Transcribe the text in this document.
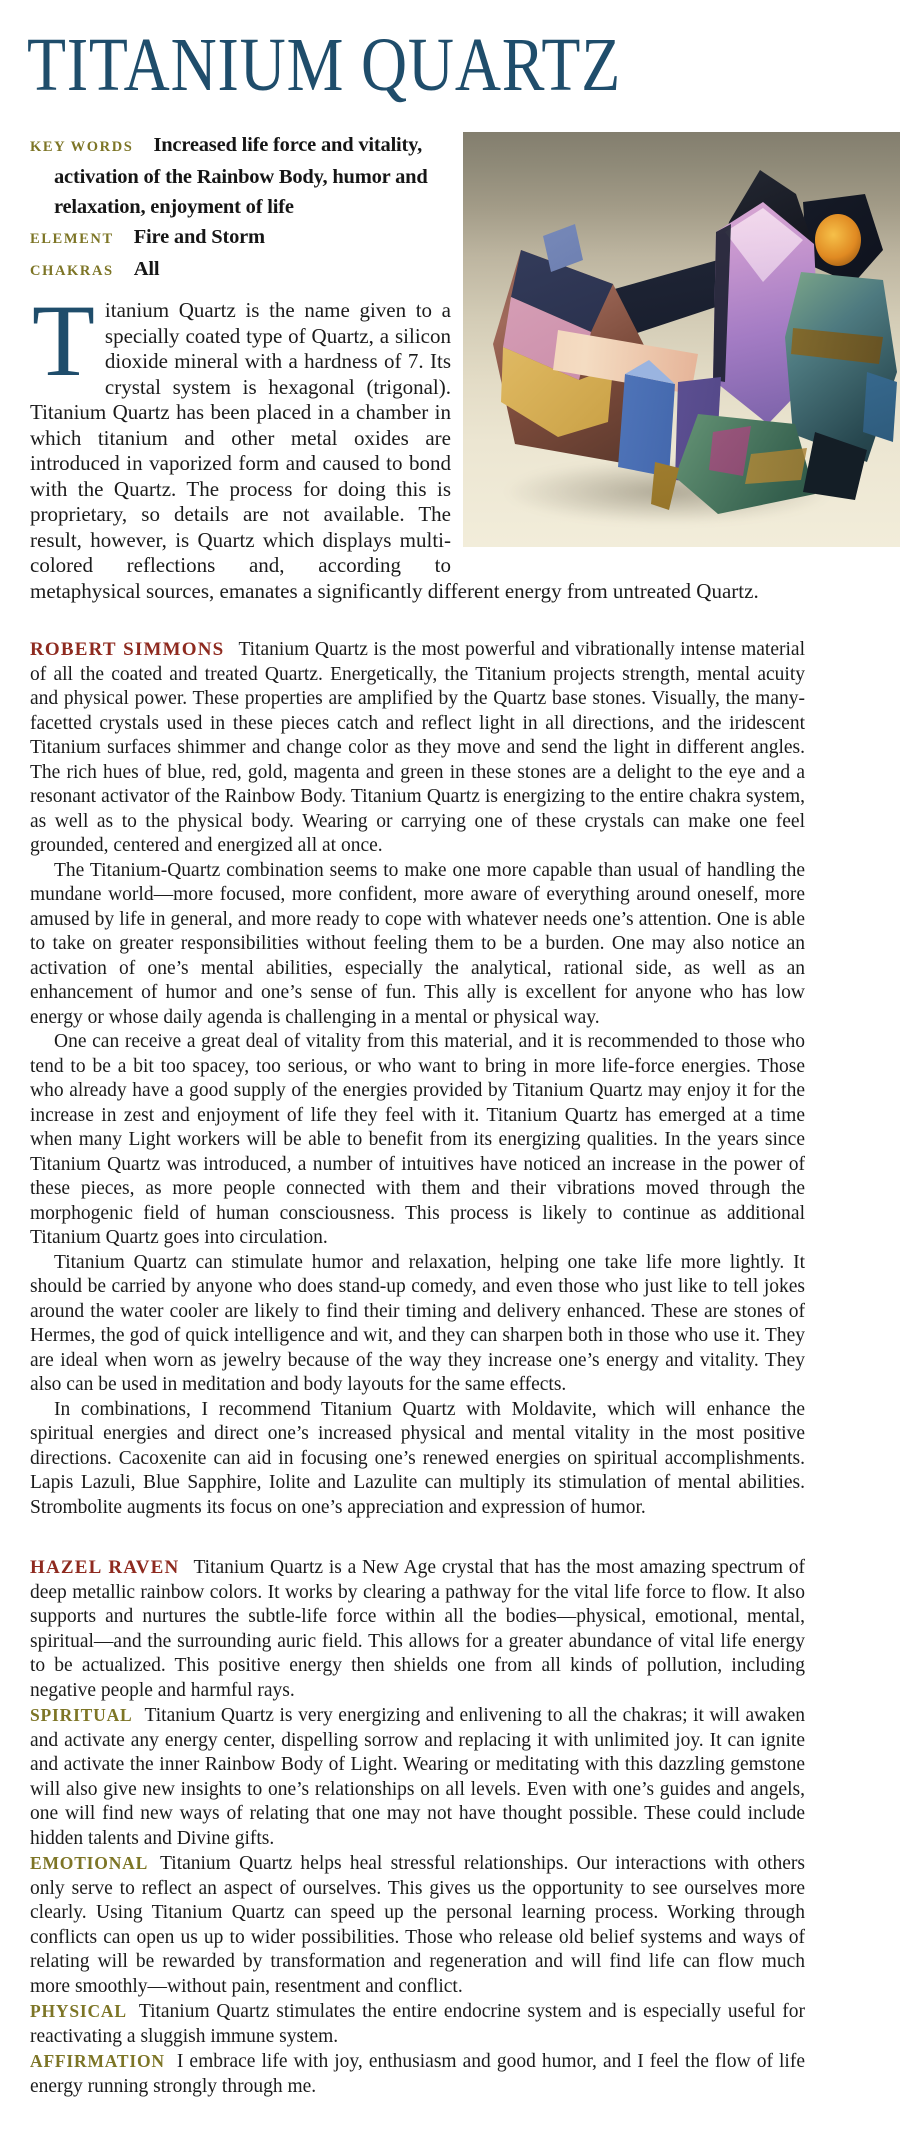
TITANIUM QUARTZ
KEY WORDS Increased life force and vitality, activation of the Rainbow Body, humor and relaxation, enjoyment of life
ELEMENT Fire and Storm
CHAKRAS All

Titanium Quartz is the name given to a specially coated type of Quartz, a silicon dioxide mineral with a hardness of 7. Its crystal system is hexagonal (trigonal). Titanium Quartz has been placed in a chamber in which titanium and other metal oxides are introduced in vaporized form and caused to bond with the Quartz. The process for doing this is proprietary, so details are not available. The result, however, is Quartz which displays multi-colored reflections and, according to metaphysical sources, emanates a significantly different energy from untreated Quartz.

ROBERT SIMMONS Titanium Quartz is the most powerful and vibrationally intense material of all the coated and treated Quartz. Energetically, the Titanium projects strength, mental acuity and physical power. These properties are amplified by the Quartz base stones. Visually, the many-facetted crystals used in these pieces catch and reflect light in all directions, and the iridescent Titanium surfaces shimmer and change color as they move and send the light in different angles. The rich hues of blue, red, gold, magenta and green in these stones are a delight to the eye and a resonant activator of the Rainbow Body. Titanium Quartz is energizing to the entire chakra system, as well as to the physical body. Wearing or carrying one of these crystals can make one feel grounded, centered and energized all at once.

The Titanium-Quartz combination seems to make one more capable than usual of handling the mundane world—more focused, more confident, more aware of everything around oneself, more amused by life in general, and more ready to cope with whatever needs one’s attention. One is able to take on greater responsibilities without feeling them to be a burden. One may also notice an activation of one’s mental abilities, especially the analytical, rational side, as well as an enhancement of humor and one’s sense of fun. This ally is excellent for anyone who has low energy or whose daily agenda is challenging in a mental or physical way.

One can receive a great deal of vitality from this material, and it is recommended to those who tend to be a bit too spacey, too serious, or who want to bring in more life-force energies. Those who already have a good supply of the energies provided by Titanium Quartz may enjoy it for the increase in zest and enjoyment of life they feel with it. Titanium Quartz has emerged at a time when many Light workers will be able to benefit from its energizing qualities. In the years since Titanium Quartz was introduced, a number of intuitives have noticed an increase in the power of these pieces, as more people connected with them and their vibrations moved through the morphogenic field of human consciousness. This process is likely to continue as additional Titanium Quartz goes into circulation.

Titanium Quartz can stimulate humor and relaxation, helping one take life more lightly. It should be carried by anyone who does stand-up comedy, and even those who just like to tell jokes around the water cooler are likely to find their timing and delivery enhanced. These are stones of Hermes, the god of quick intelligence and wit, and they can sharpen both in those who use it. They are ideal when worn as jewelry because of the way they increase one’s energy and vitality. They also can be used in meditation and body layouts for the same effects.

In combinations, I recommend Titanium Quartz with Moldavite, which will enhance the spiritual energies and direct one’s increased physical and mental vitality in the most positive directions. Cacoxenite can aid in focusing one’s renewed energies on spiritual accomplishments. Lapis Lazuli, Blue Sapphire, Iolite and Lazulite can multiply its stimulation of mental abilities. Strombolite augments its focus on one’s appreciation and expression of humor.

HAZEL RAVEN Titanium Quartz is a New Age crystal that has the most amazing spectrum of deep metallic rainbow colors. It works by clearing a pathway for the vital life force to flow. It also supports and nurtures the subtle-life force within all the bodies—physical, emotional, mental, spiritual—and the surrounding auric field. This allows for a greater abundance of vital life energy to be actualized. This positive energy then shields one from all kinds of pollution, including negative people and harmful rays.

SPIRITUAL Titanium Quartz is very energizing and enlivening to all the chakras; it will awaken and activate any energy center, dispelling sorrow and replacing it with unlimited joy. It can ignite and activate the inner Rainbow Body of Light. Wearing or meditating with this dazzling gemstone will also give new insights to one’s relationships on all levels. Even with one’s guides and angels, one will find new ways of relating that one may not have thought possible. These could include hidden talents and Divine gifts.

EMOTIONAL Titanium Quartz helps heal stressful relationships. Our interactions with others only serve to reflect an aspect of ourselves. This gives us the opportunity to see ourselves more clearly. Using Titanium Quartz can speed up the personal learning process. Working through conflicts can open us up to wider possibilities. Those who release old belief systems and ways of relating will be rewarded by transformation and regeneration and will find life can flow much more smoothly—without pain, resentment and conflict.

PHYSICAL Titanium Quartz stimulates the entire endocrine system and is especially useful for reactivating a sluggish immune system.

AFFIRMATION I embrace life with joy, enthusiasm and good humor, and I feel the flow of life energy running strongly through me.
